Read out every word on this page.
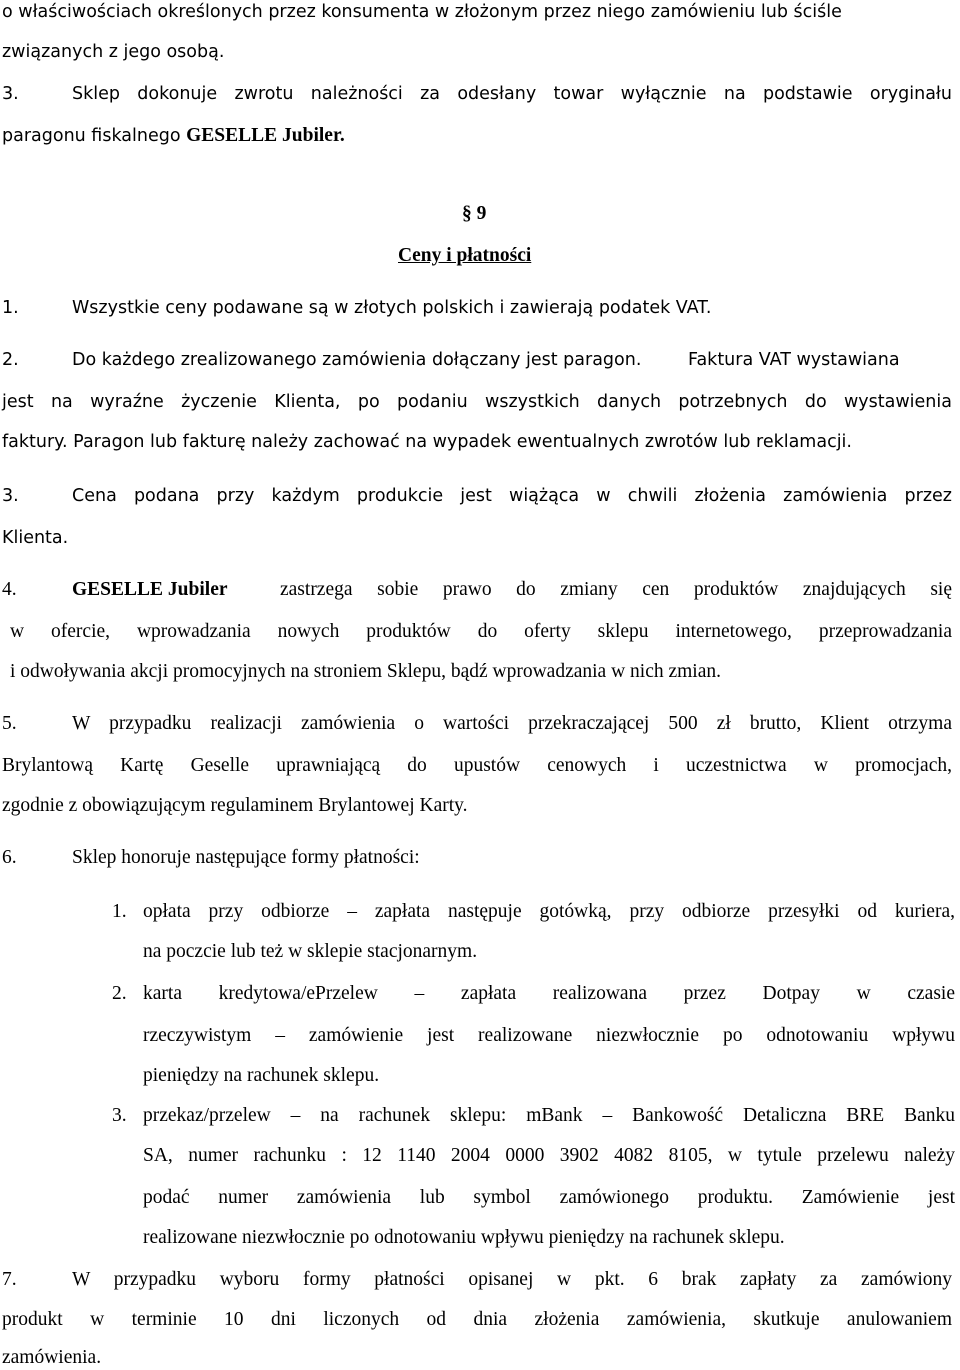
o właściwościach określonych przez konsumenta w złożonym przez niego zamówieniu lub ściśle
związanych z jego osobą.
3.	Sklep dokonuje zwrotu należności za odesłany towar wyłącznie na podstawie oryginału
paragonu fiskalnego GESELLE Jubiler.
§ 9
Ceny i płatności
1.	Wszystkie ceny podawane są w złotych polskich i zawierają podatek VAT.
2.	Do każdego zrealizowanego zamówienia dołączany jest paragon.	Faktura VAT wystawiana
jest na wyraźne życzenie Klienta, po podaniu wszystkich danych potrzebnych do wystawienia
faktury. Paragon lub fakturę należy zachować na wypadek ewentualnych zwrotów lub reklamacji.
3.	Cena podana przy każdym produkcie jest wiążąca w chwili złożenia zamówienia przez
Klienta.
4.	GESELLE Jubiler	zastrzega sobie prawo do zmiany cen produktów znajdujących się
w ofercie, wprowadzania nowych produktów do oferty sklepu internetowego, przeprowadzania
i odwoływania akcji promocyjnych na stroniem Sklepu, bądź wprowadzania w nich zmian.
5.	W przypadku realizacji zamówienia o wartości przekraczającej 500 zł brutto, Klient otrzyma
Brylantową Kartę Geselle uprawniającą do upustów cenowych i uczestnictwa w promocjach,
zgodnie z obowiązującym regulaminem Brylantowej Karty.
6.	Sklep honoruje następujące formy płatności:
1. opłata przy odbiorze – zapłata następuje gotówką, przy odbiorze przesyłki od kuriera,
na poczcie lub też w sklepie stacjonarnym.
2. karta kredytowa/ePrzelew – zapłata realizowana przez Dotpay w czasie
rzeczywistym – zamówienie jest realizowane niezwłocznie po odnotowaniu wpływu
pieniędzy na rachunek sklepu.
3. przekaz/przelew – na rachunek sklepu: mBank – Bankowość Detaliczna BRE Banku
SA, numer rachunku : 12 1140 2004 0000 3902 4082 8105, w tytule przelewu należy
podać numer zamówienia lub symbol zamówionego produktu. Zamówienie jest
realizowane niezwłocznie po odnotowaniu wpływu pieniędzy na rachunek sklepu.
7.	W przypadku wyboru formy płatności opisanej w pkt. 6 brak zapłaty za zamówiony
produkt w terminie 10 dni liczonych od dnia złożenia zamówienia, skutkuje anulowaniem
zamówienia.
